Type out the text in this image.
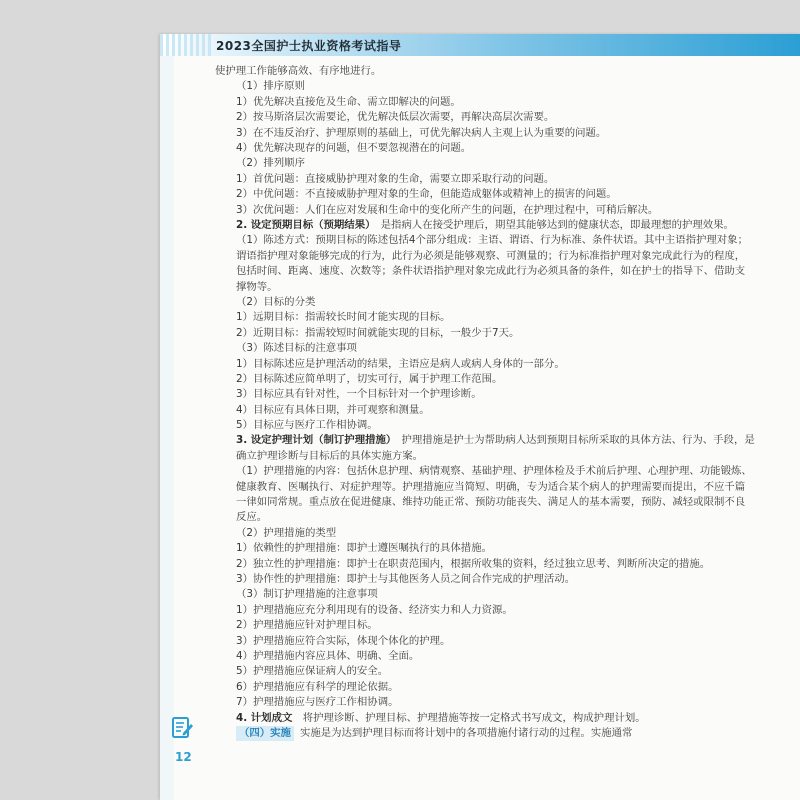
2023全国护士执业资格考试指导
使护理工作能够高效、有序地进行。
（1）排序原则
1）优先解决直接危及生命、需立即解决的问题。
2）按马斯洛层次需要论，优先解决低层次需要，再解决高层次需要。
3）在不违反治疗、护理原则的基础上，可优先解决病人主观上认为重要的问题。
4）优先解决现存的问题，但不要忽视潜在的问题。
（2）排列顺序
1）首优问题：直接威胁护理对象的生命，需要立即采取行动的问题。
2）中优问题：不直接威胁护理对象的生命，但能造成躯体或精神上的损害的问题。
3）次优问题：人们在应对发展和生命中的变化所产生的问题，在护理过程中，可稍后解决。
2. 设定预期目标（预期结果）　 是指病人在接受护理后，期望其能够达到的健康状态，即最理想的护理效果。
（1）陈述方式：预期目标的陈述包括4个部分组成：主语、谓语、行为标准、条件状语。其中主语指护理对象；谓语指护理对象能够完成的行为，此行为必须是能够观察、可测量的；行为标准指护理对象完成此行为的程度，包括时间、距离、速度、次数等；条件状语指护理对象完成此行为必须具备的条件，如在护士的指导下、借助支撑物等。
（2）目标的分类
1）远期目标：指需较长时间才能实现的目标。
2）近期目标：指需较短时间就能实现的目标，一般少于7天。
（3）陈述目标的注意事项
1）目标陈述应是护理活动的结果，主语应是病人或病人身体的一部分。
2）目标陈述应简单明了，切实可行，属于护理工作范围。
3）目标应具有针对性，一个目标针对一个护理诊断。
4）目标应有具体日期，并可观察和测量。
5）目标应与医疗工作相协调。
3. 设定护理计划（制订护理措施）　 护理措施是护士为帮助病人达到预期目标所采取的具体方法、行为、手段，是确立护理诊断与目标后的具体实施方案。
（1）护理措施的内容：包括休息护理、病情观察、基础护理、护理体检及手术前后护理、心理护理、功能锻炼、健康教育、医嘱执行、对症护理等。护理措施应当简短、明确，专为适合某个病人的护理需要而提出，不应千篇一律如同常规。重点放在促进健康、维持功能正常、预防功能丧失、满足人的基本需要，预防、减轻或限制不良反应。
（2）护理措施的类型
1）依赖性的护理措施：即护士遵医嘱执行的具体措施。
2）独立性的护理措施：即护士在职责范围内，根据所收集的资料，经过独立思考、判断所决定的措施。
3）协作性的护理措施：即护士与其他医务人员之间合作完成的护理活动。
（3）制订护理措施的注意事项
1）护理措施应充分利用现有的设备、经济实力和人力资源。
2）护理措施应针对护理目标。
3）护理措施应符合实际，体现个体化的护理。
4）护理措施内容应具体、明确、全面。
5）护理措施应保证病人的安全。
6）护理措施应有科学的理论依据。
7）护理措施应与医疗工作相协调。
4. 计划成文　 将护理诊断、护理目标、护理措施等按一定格式书写成文，构成护理计划。
（四）实施 实施是为达到护理目标而将计划中的各项措施付诸行动的过程。实施通常
12
